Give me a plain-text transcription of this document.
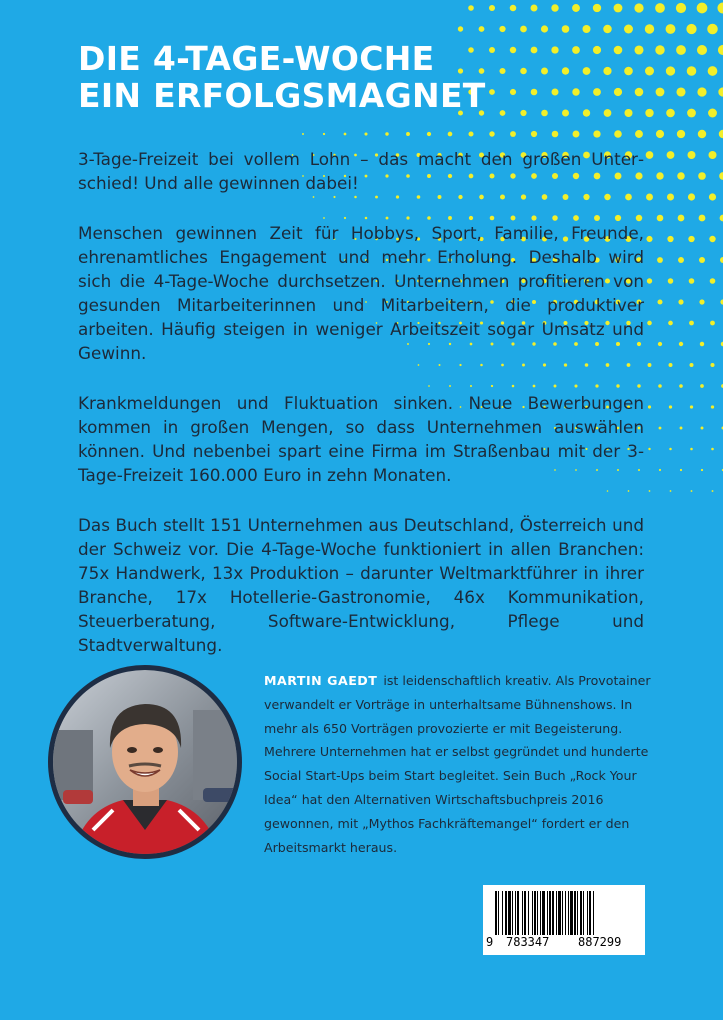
DIE 4-TAGE-WOCHE
EIN ERFOLGSMAGNET

3-Tage-Freizeit bei vollem Lohn – das macht den großen Unterschied! Und alle gewinnen dabei!

Menschen gewinnen Zeit für Hobbys, Sport, Familie, Freunde, ehrenamtliches Engagement und mehr Erholung. Deshalb wird sich die 4-Tage-Woche durchsetzen. Unternehmen profitieren von gesunden Mitarbeiterinnen und Mitarbeitern, die produktiver arbeiten. Häufig steigen in weniger Arbeitszeit sogar Umsatz und Gewinn.

Krankmeldungen und Fluktuation sinken. Neue Bewerbungen kommen in großen Mengen, so dass Unternehmen auswählen können. Und nebenbei spart eine Firma im Straßenbau mit der 3-Tage-Freizeit 160.000 Euro in zehn Monaten.

Das Buch stellt 151 Unternehmen aus Deutschland, Österreich und der Schweiz vor. Die 4-Tage-Woche funktioniert in allen Branchen: 75x Handwerk, 13x Produktion – darunter Weltmarktführer in ihrer Branche, 17x Hotellerie-Gastronomie, 46x Kommunikation, Steuerberatung, Software-Entwicklung, Pflege und Stadtverwaltung.

MARTIN GAEDT ist leidenschaftlich kreativ. Als Provotainer verwandelt er Vorträge in unterhaltsame Bühnenshows. In mehr als 650 Vorträgen provozierte er mit Begeisterung. Mehrere Unternehmen hat er selbst gegründet und hunderte Social Start-Ups beim Start begleitet. Sein Buch „Rock Your Idea“ hat den Alternativen Wirtschaftsbuchpreis 2016 gewonnen, mit „Mythos Fachkräftemangel“ fordert er den Arbeitsmarkt heraus.
9 783347 887299
